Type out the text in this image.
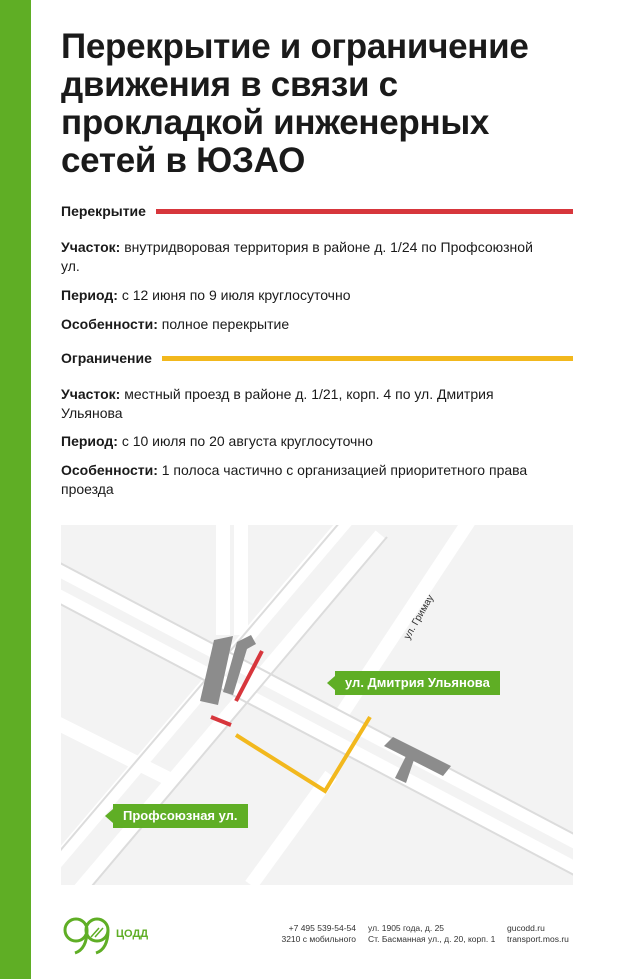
Перекрытие и ограничение движения в связи с прокладкой инженерных сетей в ЮЗАО
Перекрытие
Участок: внутридворовая территория в районе д. 1/24 по Профсоюзной ул.
Период: с 12 июня по 9 июля круглосуточно
Особенности: полное перекрытие
Ограничение
Участок: местный проезд в районе д. 1/21, корп. 4 по ул. Дмитрия Ульянова
Период: с 10 июля по 20 августа круглосуточно
Особенности: 1 полоса частично с организацией приоритетного права проезда
ул. Гримау
ул. Дмитрия Ульянова
Профсоюзная ул.
ЦОДД	+7 495 539-54-54
3210 с мобильного
ул. 1905 года, д. 25
Ст. Басманная ул., д. 20, корп. 1
gucodd.ru
transport.mos.ru
